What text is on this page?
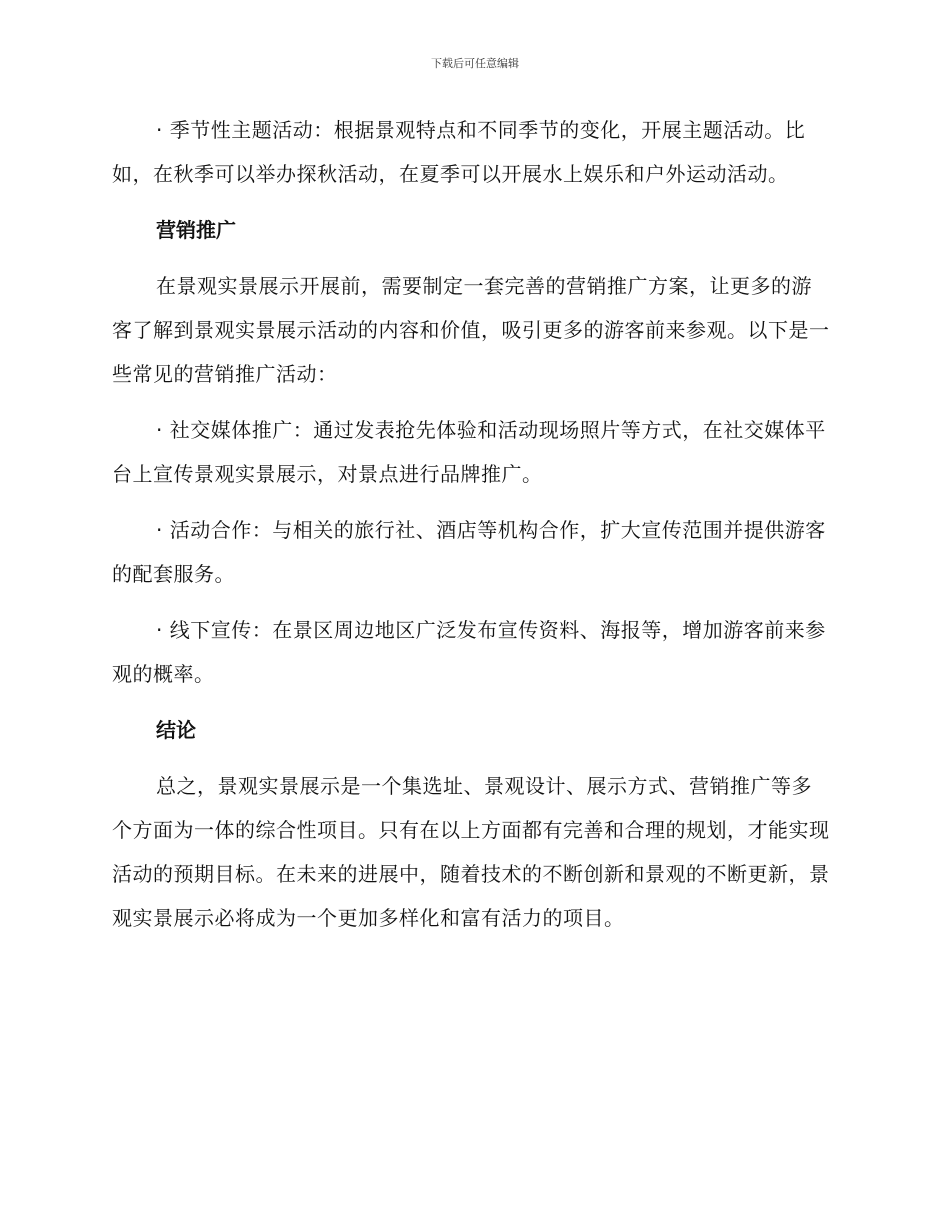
下载后可任意编辑

· 季节性主题活动：根据景观特点和不同季节的变化，开展主题活动。比如，在秋季可以举办探秋活动，在夏季可以开展水上娱乐和户外运动活动。

营销推广

在景观实景展示开展前，需要制定一套完善的营销推广方案，让更多的游客了解到景观实景展示活动的内容和价值，吸引更多的游客前来参观。以下是一些常见的营销推广活动：

· 社交媒体推广：通过发表抢先体验和活动现场照片等方式，在社交媒体平台上宣传景观实景展示，对景点进行品牌推广。

· 活动合作：与相关的旅行社、酒店等机构合作，扩大宣传范围并提供游客的配套服务。

· 线下宣传：在景区周边地区广泛发布宣传资料、海报等，增加游客前来参观的概率。

结论

总之，景观实景展示是一个集选址、景观设计、展示方式、营销推广等多个方面为一体的综合性项目。只有在以上方面都有完善和合理的规划，才能实现活动的预期目标。在未来的进展中，随着技术的不断创新和景观的不断更新，景观实景展示必将成为一个更加多样化和富有活力的项目。
